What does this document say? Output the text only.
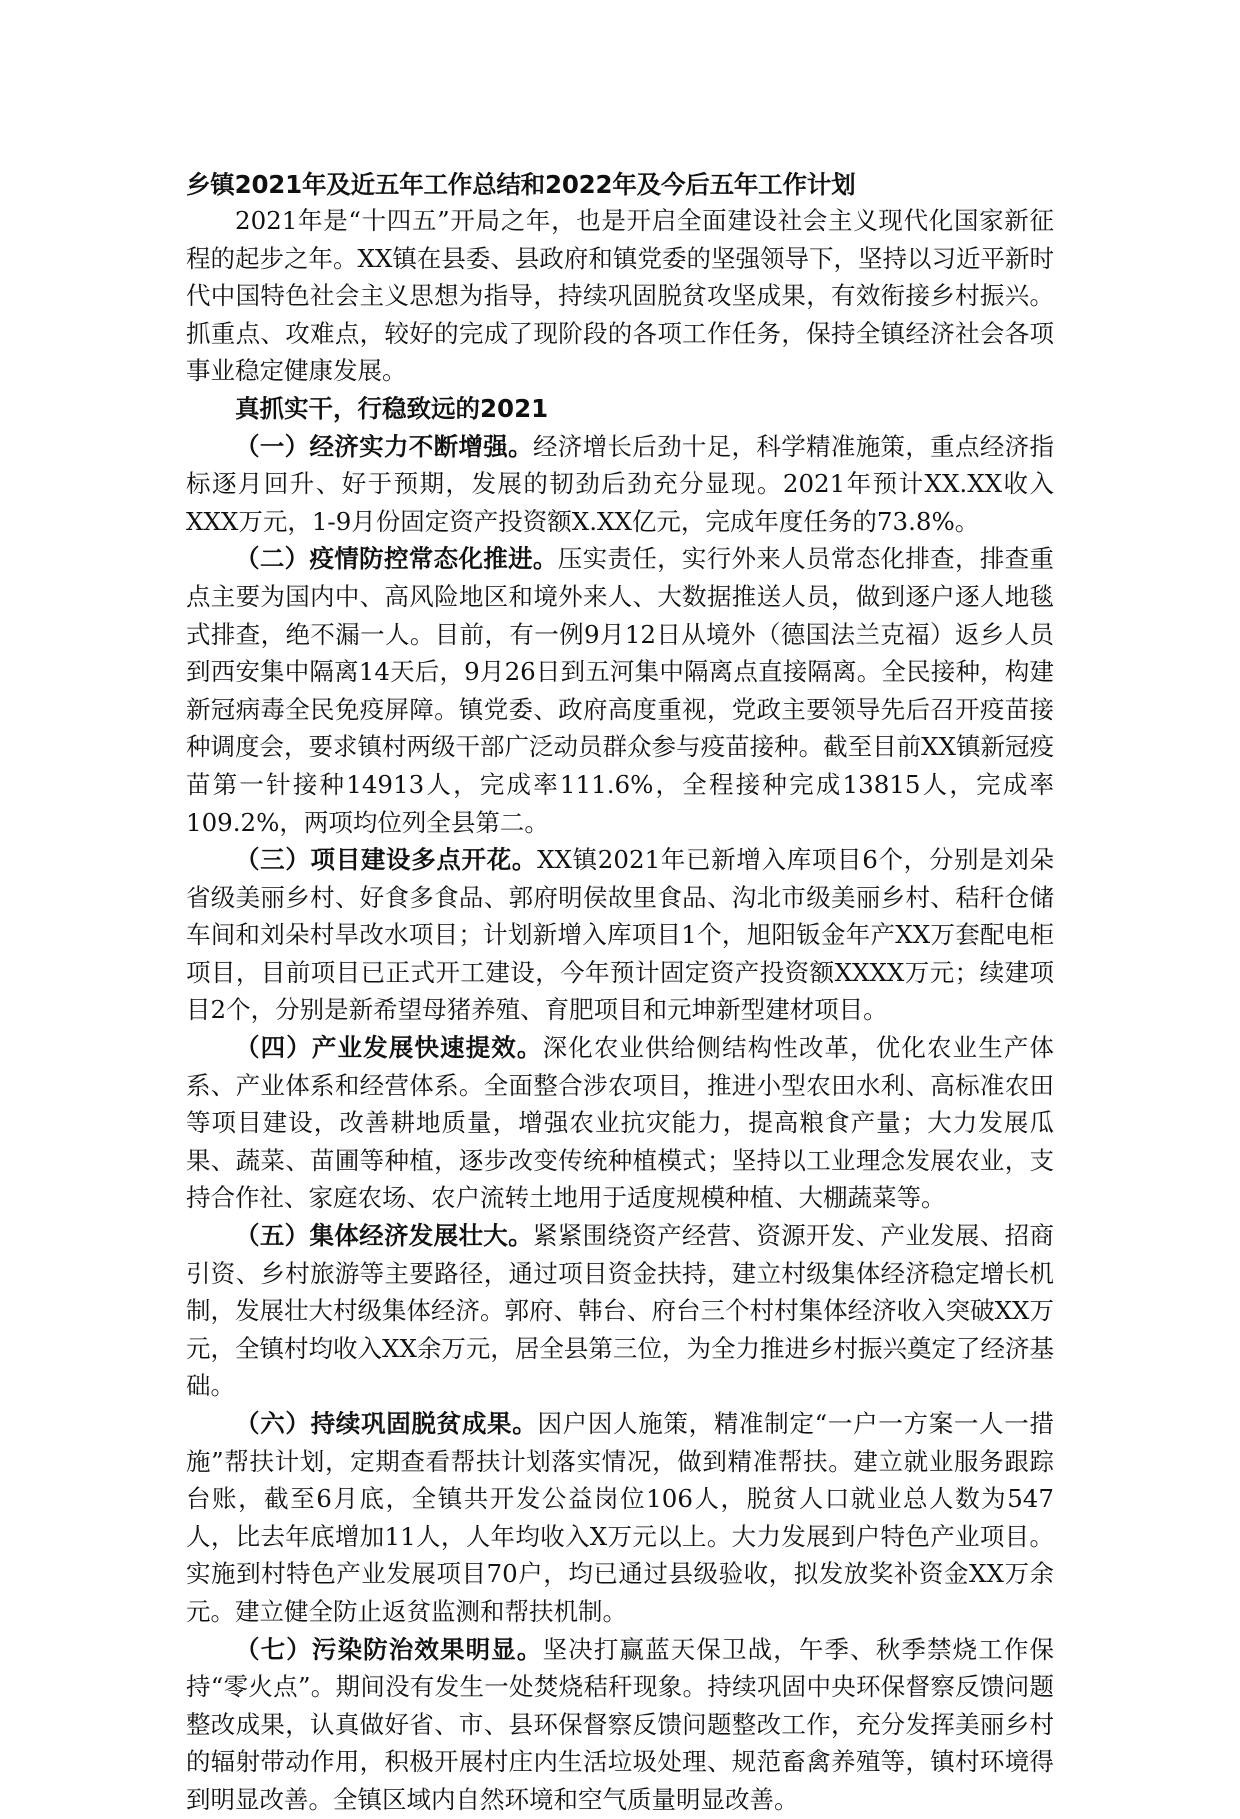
乡镇2021年及近五年工作总结和2022年及今后五年工作计划

2021年是“十四五”开局之年，也是开启全面建设社会主义现代化国家新征程的起步之年。XX镇在县委、县政府和镇党委的坚强领导下，坚持以习近平新时代中国特色社会主义思想为指导，持续巩固脱贫攻坚成果，有效衔接乡村振兴。抓重点、攻难点，较好的完成了现阶段的各项工作任务，保持全镇经济社会各项事业稳定健康发展。

真抓实干，行稳致远的2021

（一）经济实力不断增强。经济增长后劲十足，科学精准施策，重点经济指标逐月回升、好于预期，发展的韧劲后劲充分显现。2021年预计XX.XX收入XXX万元，1-9月份固定资产投资额X.XX亿元，完成年度任务的73.8%。

（二）疫情防控常态化推进。压实责任，实行外来人员常态化排查，排查重点主要为国内中、高风险地区和境外来人、大数据推送人员，做到逐户逐人地毯式排查，绝不漏一人。目前，有一例9月12日从境外（德国法兰克福）返乡人员到西安集中隔离14天后，9月26日到五河集中隔离点直接隔离。全民接种，构建新冠病毒全民免疫屏障。镇党委、政府高度重视，党政主要领导先后召开疫苗接种调度会，要求镇村两级干部广泛动员群众参与疫苗接种。截至目前XX镇新冠疫苗第一针接种14913人，完成率111.6%，全程接种完成13815人，完成率109.2%，两项均位列全县第二。

（三）项目建设多点开花。XX镇2021年已新增入库项目6个，分别是刘朵省级美丽乡村、好食多食品、郭府明侯故里食品、沟北市级美丽乡村、秸秆仓储车间和刘朵村旱改水项目；计划新增入库项目1个，旭阳钣金年产XX万套配电柜项目，目前项目已正式开工建设，今年预计固定资产投资额XXXX万元；续建项目2个，分别是新希望母猪养殖、育肥项目和元坤新型建材项目。

（四）产业发展快速提效。深化农业供给侧结构性改革，优化农业生产体系、产业体系和经营体系。全面整合涉农项目，推进小型农田水利、高标准农田等项目建设，改善耕地质量，增强农业抗灾能力，提高粮食产量；大力发展瓜果、蔬菜、苗圃等种植，逐步改变传统种植模式；坚持以工业理念发展农业，支持合作社、家庭农场、农户流转土地用于适度规模种植、大棚蔬菜等。

（五）集体经济发展壮大。紧紧围绕资产经营、资源开发、产业发展、招商引资、乡村旅游等主要路径，通过项目资金扶持，建立村级集体经济稳定增长机制，发展壮大村级集体经济。郭府、韩台、府台三个村村集体经济收入突破XX万元，全镇村均收入XX余万元，居全县第三位，为全力推进乡村振兴奠定了经济基础。

（六）持续巩固脱贫成果。因户因人施策，精准制定“一户一方案一人一措施”帮扶计划，定期查看帮扶计划落实情况，做到精准帮扶。建立就业服务跟踪台账，截至6月底，全镇共开发公益岗位106人，脱贫人口就业总人数为547人，比去年底增加11人，人年均收入X万元以上。大力发展到户特色产业项目。实施到村特色产业发展项目70户，均已通过县级验收，拟发放奖补资金XX万余元。建立健全防止返贫监测和帮扶机制。

（七）污染防治效果明显。坚决打赢蓝天保卫战，午季、秋季禁烧工作保持“零火点”。期间没有发生一处焚烧秸秆现象。持续巩固中央环保督察反馈问题整改成果，认真做好省、市、县环保督察反馈问题整改工作，充分发挥美丽乡村的辐射带动作用，积极开展村庄内生活垃圾处理、规范畜禽养殖等，镇村环境得到明显改善。全镇区域内自然环境和空气质量明显改善。
